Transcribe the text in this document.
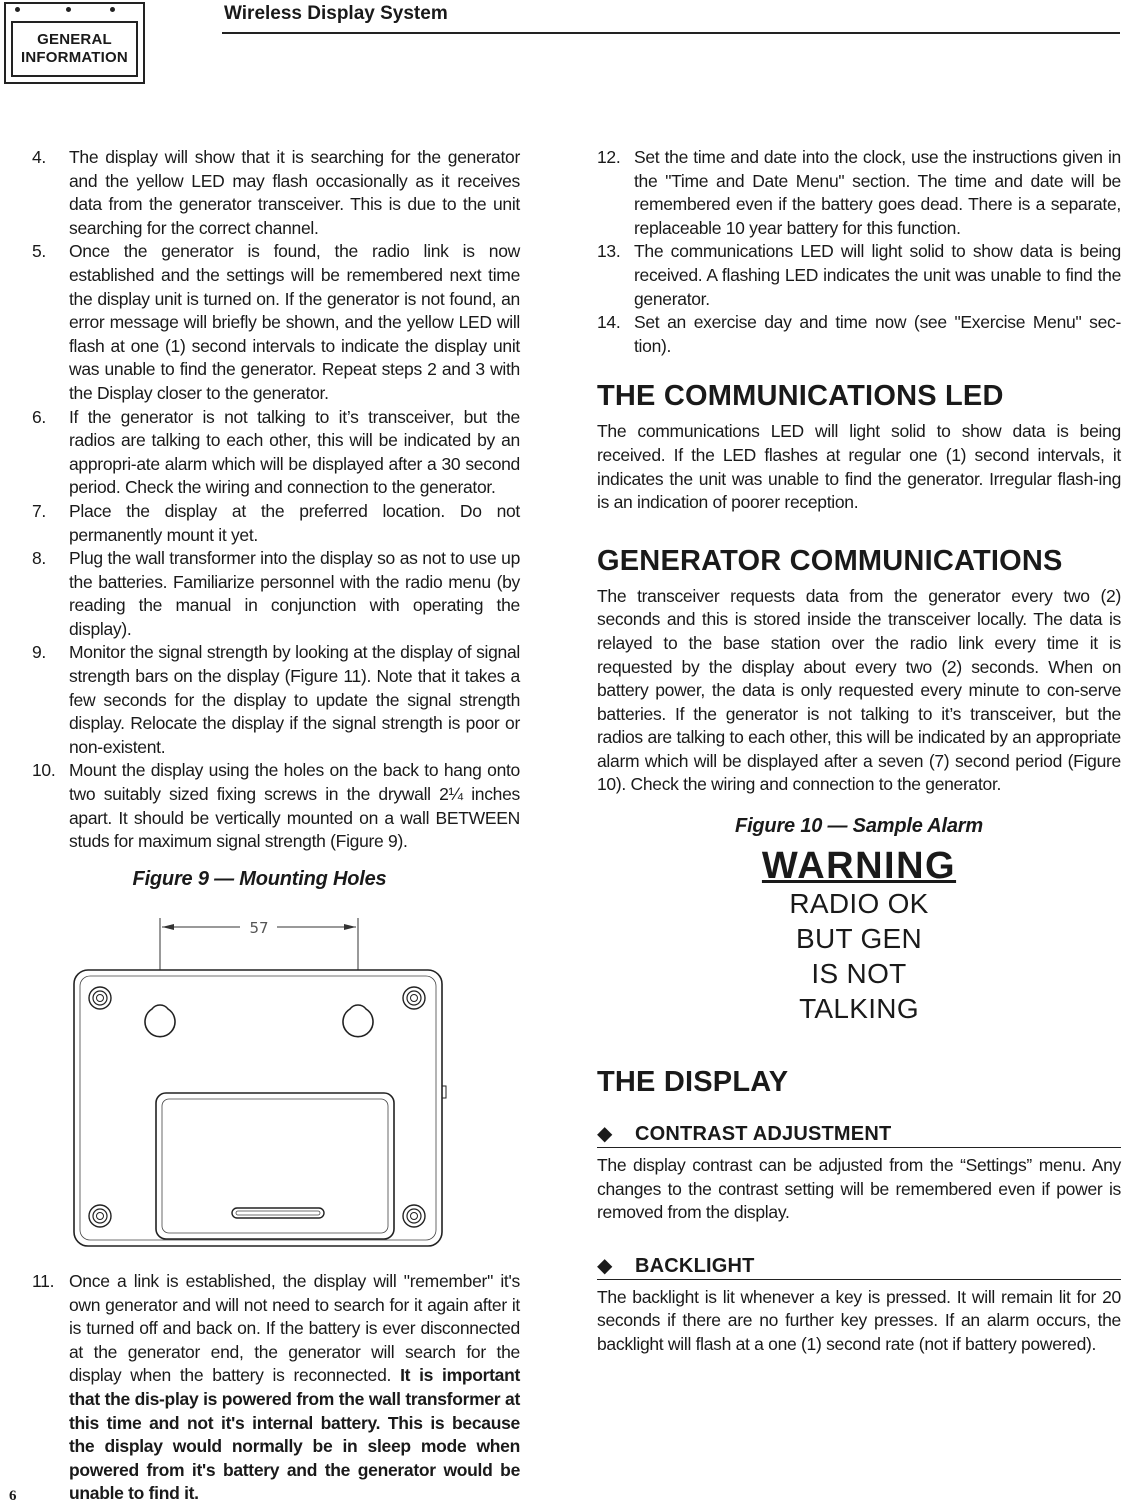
GENERAL
INFORMATION
Wireless Display System
4.	The display will show that it is searching for the generator and the yellow LED may flash occasionally as it receives data from the generator transceiver. This is due to the unit searching for the correct channel.
5.	Once the generator is found, the radio link is now established and the settings will be remembered next time the display unit is turned on. If the generator is not found, an error message will briefly be shown, and the yellow LED will flash at one (1) second intervals to indicate the display unit was unable to find the generator. Repeat steps 2 and 3 with the Display closer to the generator.
6.	If the generator is not talking to it’s transceiver, but the radios are talking to each other, this will be indicated by an appropri-ate alarm which will be displayed after a 30 second period. Check the wiring and connection to the generator.
7.	Place the display at the preferred location. Do not permanently mount it yet.
8.	Plug the wall transformer into the display so as not to use up the batteries. Familiarize personnel with the radio menu (by reading the manual in conjunction with operating the display).
9.	Monitor the signal strength by looking at the display of signal strength bars on the display (Figure 11). Note that it takes a few seconds for the display to update the signal strength display. Relocate the display if the signal strength is poor or non-existent.
10. Mount the display using the holes on the back to hang onto two suitably sized fixing screws in the drywall 2¼ inches apart. It should be vertically mounted on a wall BETWEEN studs for maximum signal strength (Figure 9).
Figure 9 — Mounting Holes
57
11. Once a link is established, the display will "remember" it's own generator and will not need to search for it again after it is turned off and back on. If the battery is ever disconnected at the generator end, the generator will search for the display when the battery is reconnected. It is important that the dis-play is powered from the wall transformer at this time and not it's internal battery. This is because the display would normally be in sleep mode when powered from it's battery and the generator would be unable to find it.
12. Set the time and date into the clock, use the instructions given in the "Time and Date Menu" section. The time and date will be remembered even if the battery goes dead. There is a separate, replaceable 10 year battery for this function.
13. The communications LED will light solid to show data is being received. A flashing LED indicates the unit was unable to find the generator.
14. Set an exercise day and time now (see "Exercise Menu" sec-tion).
THE COMMUNICATIONS LED

The communications LED will light solid to show data is being received. If the LED flashes at regular one (1) second intervals, it indicates the unit was unable to find the generator. Irregular flash-ing is an indication of poorer reception.

GENERATOR COMMUNICATIONS

The transceiver requests data from the generator every two (2) seconds and this is stored inside the transceiver locally. The data is relayed to the base station over the radio link every time it is requested by the display about every two (2) seconds. When on battery power, the data is only requested every minute to con-serve batteries. If the generator is not talking to it’s transceiver, but the radios are talking to each other, this will be indicated by an appropriate alarm which will be displayed after a seven (7) second period (Figure 10). Check the wiring and connection to the generator.

Figure 10 — Sample Alarm
WARNING
RADIO OK
BUT GEN
IS NOT
TALKING
THE DISPLAY
◆	CONTRAST ADJUSTMENT

The display contrast can be adjusted from the “Settings” menu. Any changes to the contrast setting will be remembered even if power is removed from the display.

◆	BACKLIGHT

The backlight is lit whenever a key is pressed. It will remain lit for 20 seconds if there are no further key presses. If an alarm occurs, the backlight will flash at a one (1) second rate (not if battery powered).

6
